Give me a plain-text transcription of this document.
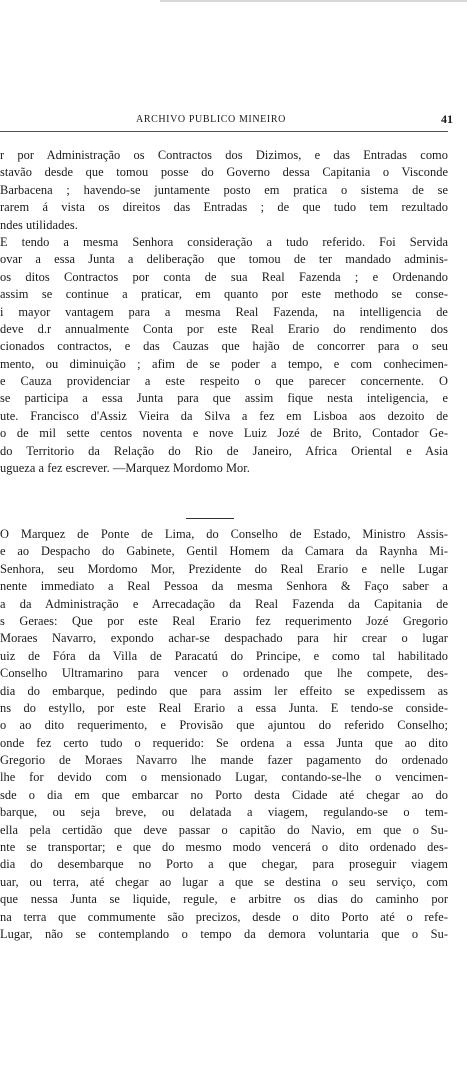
ARCHIVO PUBLICO MINEIRO	41
r por Administração os Contractos dos Dizimos, e das Entradas como
stavão desde que tomou posse do Governo dessa Capitania o Visconde
Barbacena ; havendo-se juntamente posto em pratica o sistema de se
rarem á vista os direitos das Entradas ; de que tudo tem rezultado
ndes utilidades.
E tendo a mesma Senhora consideração a tudo referido. Foi Servida
ovar a essa Junta a deliberação que tomou de ter mandado adminis-
os ditos Contractos por conta de sua Real Fazenda ; e Ordenando
assim se continue a praticar, em quanto por este methodo se conse-
i mayor vantagem para a mesma Real Fazenda, na intelligencia de
deve d.r annualmente Conta por este Real Erario do rendimento dos
cionados contractos, e das Cauzas que hajão de concorrer para o seu
mento, ou diminuição ; afim de se poder a tempo, e com conhecimen-
e Cauza providenciar a este respeito o que parecer concernente. O
se participa a essa Junta para que assim fique nesta inteligencia, e
ute. Francisco d'Assiz Vieira da Silva a fez em Lisboa aos dezoito de
o de mil sette centos noventa e nove Luiz Jozé de Brito, Contador Ge-
do Territorio da Relação do Rio de Janeiro, Africa Oriental e Asia
ugueza a fez escrever. —Marquez Mordomo Mor.
O Marquez de Ponte de Lima, do Conselho de Estado, Ministro Assis-
e ao Despacho do Gabinete, Gentil Homem da Camara da Raynha Mi-
Senhora, seu Mordomo Mor, Prezidente do Real Erario e nelle Lugar
nente immediato a Real Pessoa da mesma Senhora & Faço saber a
a da Administração e Arrecadação da Real Fazenda da Capitania de
s Geraes: Que por este Real Erario fez requerimento Jozé Gregorio
Moraes Navarro, expondo achar-se despachado para hir crear o lugar
uiz de Fóra da Villa de Paracatú do Principe, e como tal habilitado
Conselho Ultramarino para vencer o ordenado que lhe compete, des-
dia do embarque, pedindo que para assim ler effeito se expedissem as
ns do estyllo, por este Real Erario a essa Junta. E tendo-se conside-
o ao dito requerimento, e Provisão que ajuntou do referido Conselho;
onde fez certo tudo o requerido: Se ordena a essa Junta que ao dito
Gregorio de Moraes Navarro lhe mande fazer pagamento do ordenado
lhe for devido com o mensionado Lugar, contando-se-lhe o vencimen-
sde o dia em que embarcar no Porto desta Cidade até chegar ao do
barque, ou seja breve, ou delatada a viagem, regulando-se o tem-
ella pela certidão que deve passar o capitão do Navio, em que o Su-
nte se transportar; e que do mesmo modo vencerá o dito ordenado des-
dia do desembarque no Porto a que chegar, para proseguir viagem
uar, ou terra, até chegar ao lugar a que se destina o seu serviço, com
que nessa Junta se liquide, regule, e arbitre os dias do caminho por
na terra que commumente são precizos, desde o dito Porto até o refe-
Lugar, não se contemplando o tempo da demora voluntaria que o Su-
